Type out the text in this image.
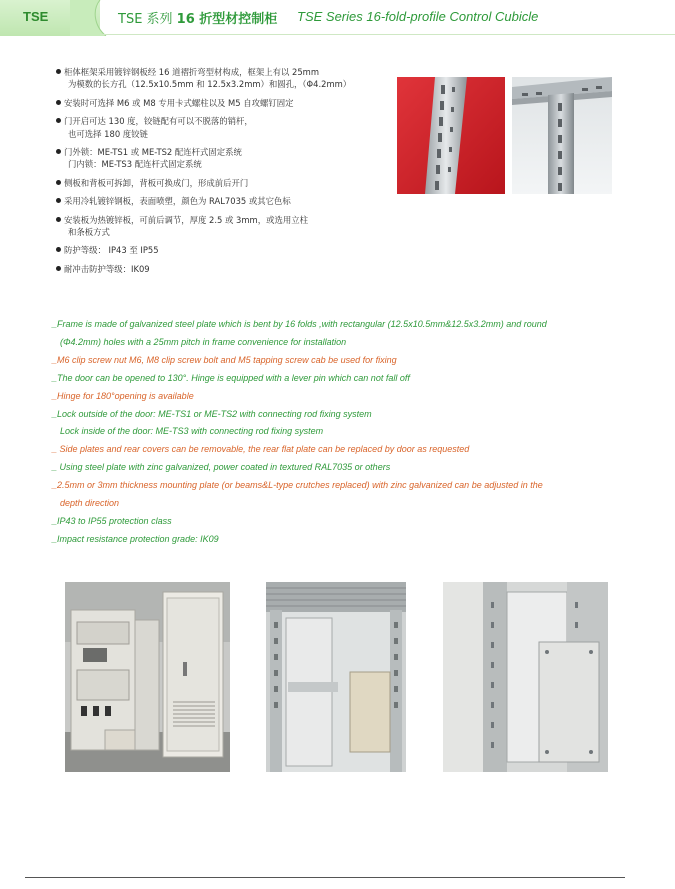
TSE	TSE 系列 16 折型材控制柜 TSE Series 16-fold-profile Control Cubicle
柜体框架采用镀锌钢板经 16 道褶折弯型材构成，框架上有以 25mm
为模数的长方孔（12.5x10.5mm 和 12.5x3.2mm）和圆孔，（Φ4.2mm）
安装时可选择 M6 或 M8 专用卡式螺柱以及 M5 自攻螺钉固定
门开启可达 130 度，铰链配有可以不脱落的销杆，
也可选择 180 度铰链
门外锁：ME-TS1 或 ME-TS2 配连杆式固定系统
门内锁：ME-TS3 配连杆式固定系统
侧板和背板可拆卸，背板可换成门，形成前后开门
采用冷轧镀锌钢板，表面喷塑，颜色为 RAL7035 或其它色标
安装板为热镀锌板，可前后调节，厚度 2.5 或 3mm，或选用立柱
和条板方式
防护等级： IP43 至 IP55
耐冲击防护等级：IK09
_Frame is made of galvanized steel plate which is bent by 16 folds ,with rectangular (12.5x10.5mm&12.5x3.2mm) and round
(Φ4.2mm) holes with a 25mm pitch in frame convenience for installation
_M6 clip screw nut M6, M8 clip screw bolt and M5 tapping screw cab be used for fixing
_The door can be opened to 130°. Hinge is equipped with a lever pin which can not fall off
_Hinge for 180°opening is available
_Lock outside of the door: ME-TS1 or ME-TS2 with connecting rod fixing system
Lock inside of the door: ME-TS3 with connecting rod fixing system
_ Side plates and rear covers can be removable, the rear flat plate can be replaced by door as requested
_ Using steel plate with zinc galvanized, power coated in textured RAL7035 or others
_2.5mm or 3mm thickness mounting plate (or beams&L-type crutches replaced) with zinc galvanized can be adjusted in the
depth direction
_IP43 to IP55 protection class
_Impact resistance protection grade: IK09
